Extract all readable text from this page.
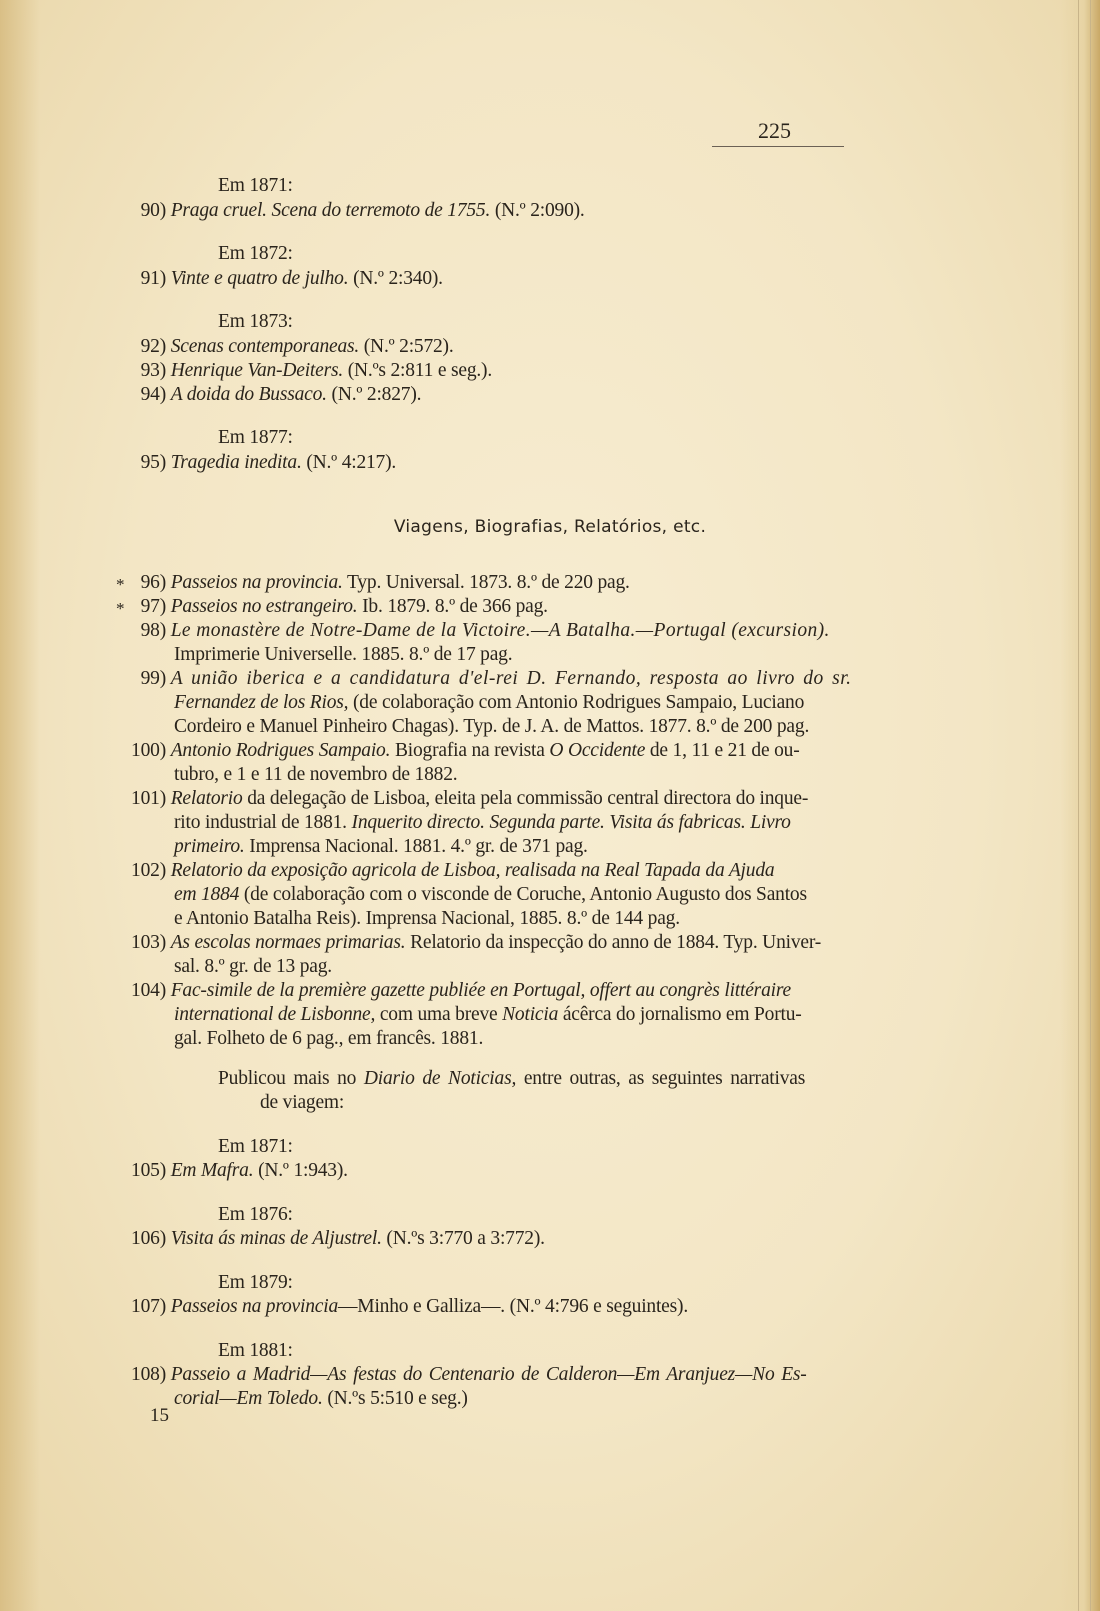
225
Em 1871:
90) Praga cruel. Scena do terremoto de 1755. (N.º 2:090).
Em 1872:
91) Vinte e quatro de julho. (N.º 2:340).
Em 1873:
92) Scenas contemporaneas. (N.º 2:572).
93) Henrique Van-Deiters. (N.ºs 2:811 e seg.).
94) A doida do Bussaco. (N.º 2:827).
Em 1877:
95) Tragedia inedita. (N.º 4:217).
Viagens, Biografias, Relatórios, etc.
* 96) Passeios na provincia. Typ. Universal. 1873. 8.º de 220 pag.
* 97) Passeios no estrangeiro. Ib. 1879. 8.º de 366 pag.
98) Le monastère de Notre-Dame de la Victoire.—A Batalha.—Portugal (excursion).
Imprimerie Universelle. 1885. 8.º de 17 pag.
99) A união iberica e a candidatura d'el-rei D. Fernando, resposta ao livro do sr.
Fernandez de los Rios, (de colaboração com Antonio Rodrigues Sampaio, Luciano
Cordeiro e Manuel Pinheiro Chagas). Typ. de J. A. de Mattos. 1877. 8.º de 200 pag.
100) Antonio Rodrigues Sampaio. Biografia na revista O Occidente de 1, 11 e 21 de ou-
tubro, e 1 e 11 de novembro de 1882.
101) Relatorio da delegação de Lisboa, eleita pela commissão central directora do inque-
rito industrial de 1881. Inquerito directo. Segunda parte. Visita ás fabricas. Livro
primeiro. Imprensa Nacional. 1881. 4.º gr. de 371 pag.
102) Relatorio da exposição agricola de Lisboa, realisada na Real Tapada da Ajuda
em 1884 (de colaboração com o visconde de Coruche, Antonio Augusto dos Santos
e Antonio Batalha Reis). Imprensa Nacional, 1885. 8.º de 144 pag.
103) As escolas normaes primarias. Relatorio da inspecção do anno de 1884. Typ. Univer-
sal. 8.º gr. de 13 pag.
104) Fac-simile de la première gazette publiée en Portugal, offert au congrès littéraire
international de Lisbonne, com uma breve Noticia ácêrca do jornalismo em Portu-
gal. Folheto de 6 pag., em francês. 1881.
Publicou mais no Diario de Noticias, entre outras, as seguintes narrativas
de viagem:
Em 1871:
105) Em Mafra. (N.º 1:943).
Em 1876:
106) Visita ás minas de Aljustrel. (N.ºs 3:770 a 3:772).
Em 1879:
107) Passeios na provincia—Minho e Galliza—. (N.º 4:796 e seguintes).
Em 1881:
108) Passeio a Madrid—As festas do Centenario de Calderon—Em Aranjuez—No Es-
corial—Em Toledo. (N.ºs 5:510 e seg.)
15
